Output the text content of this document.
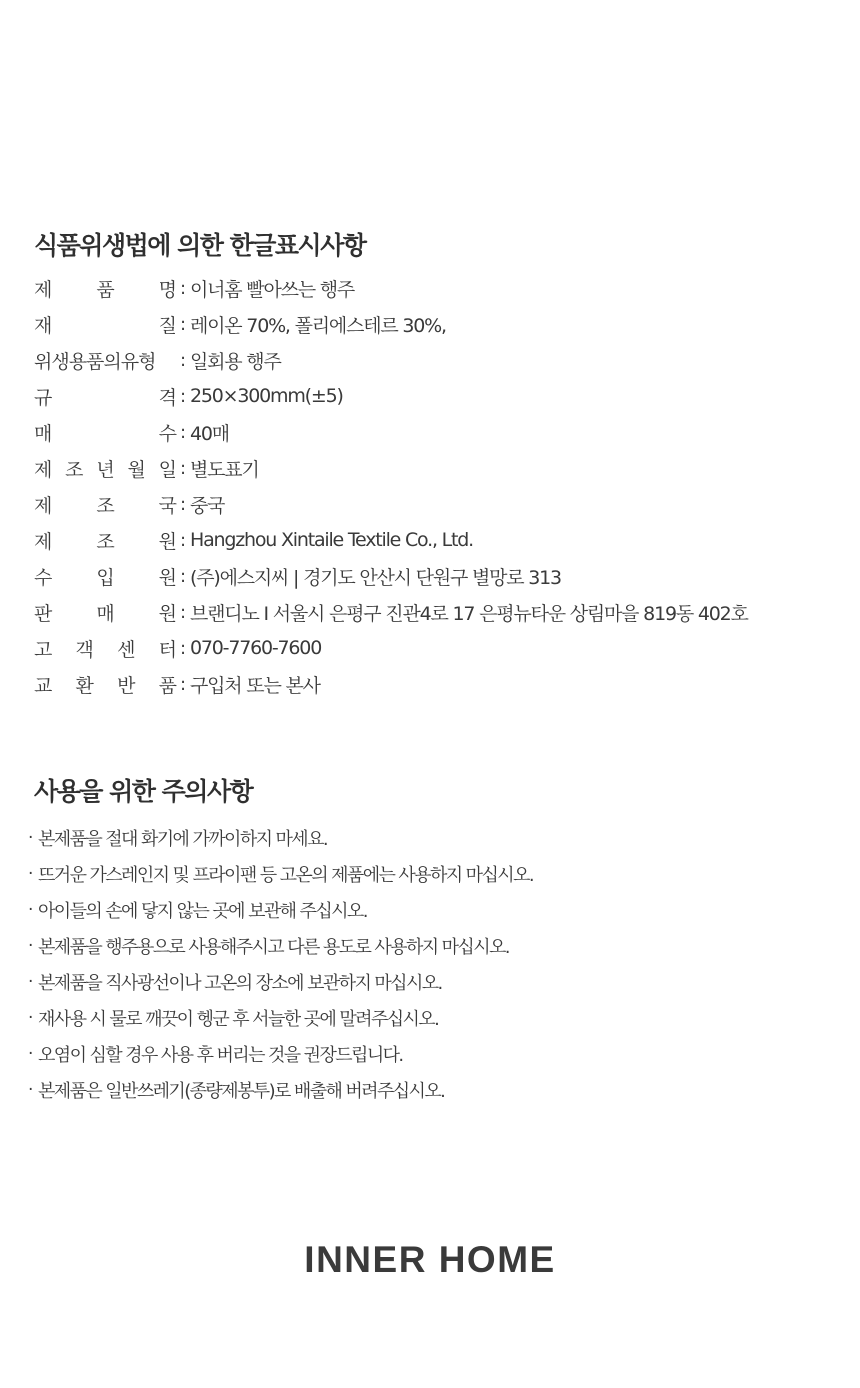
식품위생법에 의한 한글표시사항
제 품 명 : 이너홈 빨아쓰는 행주
재	질 : 레이온 70%, 폴리에스테르 30%,
위생용품의유형 : 일회용 행주
규	격 : 250×300mm(±5)
매	수 : 40매
제 조 년 월 일 : 별도표기
제 조 국 : 중국
제 조 원 : Hangzhou Xintaile Textile Co., Ltd.
수 입 원 : (주)에스지씨 | 경기도 안산시 단원구 별망로 313
판 매 원 : 브랜디노 I 서울시 은평구 진관4로 17 은평뉴타운 상림마을 819동 402호
고 객 센 터 : 070-7760-7600
교 환 반 품 : 구입처 또는 본사
사용을 위한 주의사항
· 본제품을 절대 화기에 가까이하지 마세요.
· 뜨거운 가스레인지 및 프라이팬 등 고온의 제품에는 사용하지 마십시오.
· 아이들의 손에 닿지 않는 곳에 보관해 주십시오.
· 본제품을 행주용으로 사용해주시고 다른 용도로 사용하지 마십시오.
· 본제품을 직사광선이나 고온의 장소에 보관하지 마십시오.
· 재사용 시 물로 깨끗이 헹군 후 서늘한 곳에 말려주십시오.
· 오염이 심할 경우 사용 후 버리는 것을 권장드립니다.
· 본제품은 일반쓰레기(종량제봉투)로 배출해 버려주십시오.
INNER HOME
